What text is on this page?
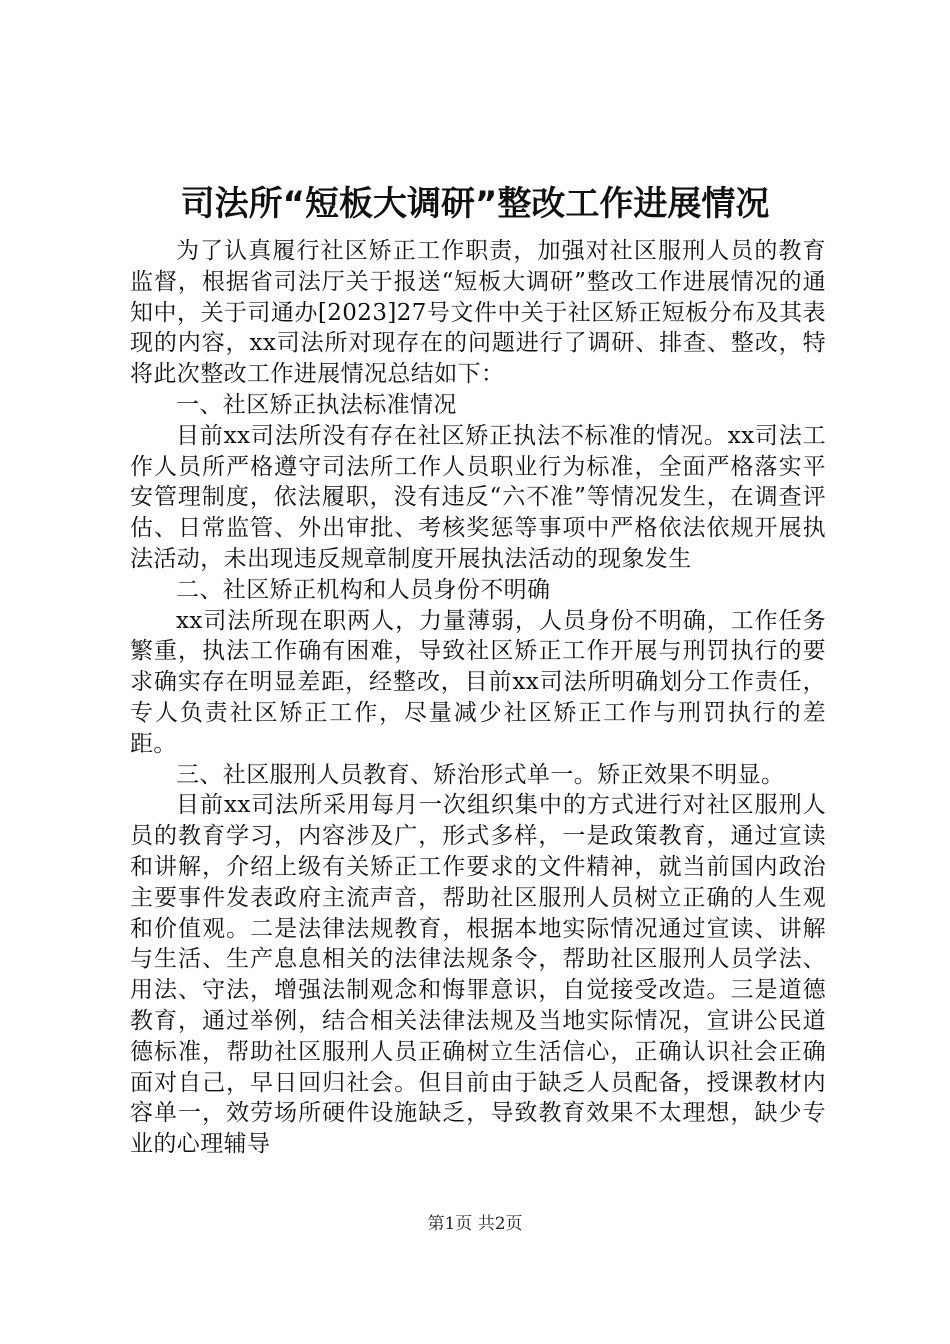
司法所“短板大调研”整改工作进展情况

为了认真履行社区矫正工作职责，加强对社区服刑人员的教育监督，根据省司法厅关于报送“短板大调研”整改工作进展情况的通知中，关于司通办[2023]27号文件中关于社区矫正短板分布及其表现的内容，xx司法所对现存在的问题进行了调研、排查、整改，特将此次整改工作进展情况总结如下：

一、社区矫正执法标准情况

目前xx司法所没有存在社区矫正执法不标准的情况。xx司法工作人员所严格遵守司法所工作人员职业行为标准，全面严格落实平安管理制度，依法履职，没有违反“六不准”等情况发生，在调查评估、日常监管、外出审批、考核奖惩等事项中严格依法依规开展执法活动，未出现违反规章制度开展执法活动的现象发生

二、社区矫正机构和人员身份不明确

xx司法所现在职两人，力量薄弱，人员身份不明确，工作任务繁重，执法工作确有困难，导致社区矫正工作开展与刑罚执行的要求确实存在明显差距，经整改，目前xx司法所明确划分工作责任，专人负责社区矫正工作，尽量减少社区矫正工作与刑罚执行的差距。

三、社区服刑人员教育、矫治形式单一。矫正效果不明显。

目前xx司法所采用每月一次组织集中的方式进行对社区服刑人员的教育学习，内容涉及广，形式多样，一是政策教育，通过宣读和讲解，介绍上级有关矫正工作要求的文件精神，就当前国内政治主要事件发表政府主流声音，帮助社区服刑人员树立正确的人生观和价值观。二是法律法规教育，根据本地实际情况通过宣读、讲解与生活、生产息息相关的法律法规条令，帮助社区服刑人员学法、用法、守法，增强法制观念和悔罪意识，自觉接受改造。三是道德教育，通过举例，结合相关法律法规及当地实际情况，宣讲公民道德标准，帮助社区服刑人员正确树立生活信心，正确认识社会正确面对自己，早日回归社会。但目前由于缺乏人员配备，授课教材内容单一，效劳场所硬件设施缺乏，导致教育效果不太理想，缺少专业的心理辅导

第1页 共2页
